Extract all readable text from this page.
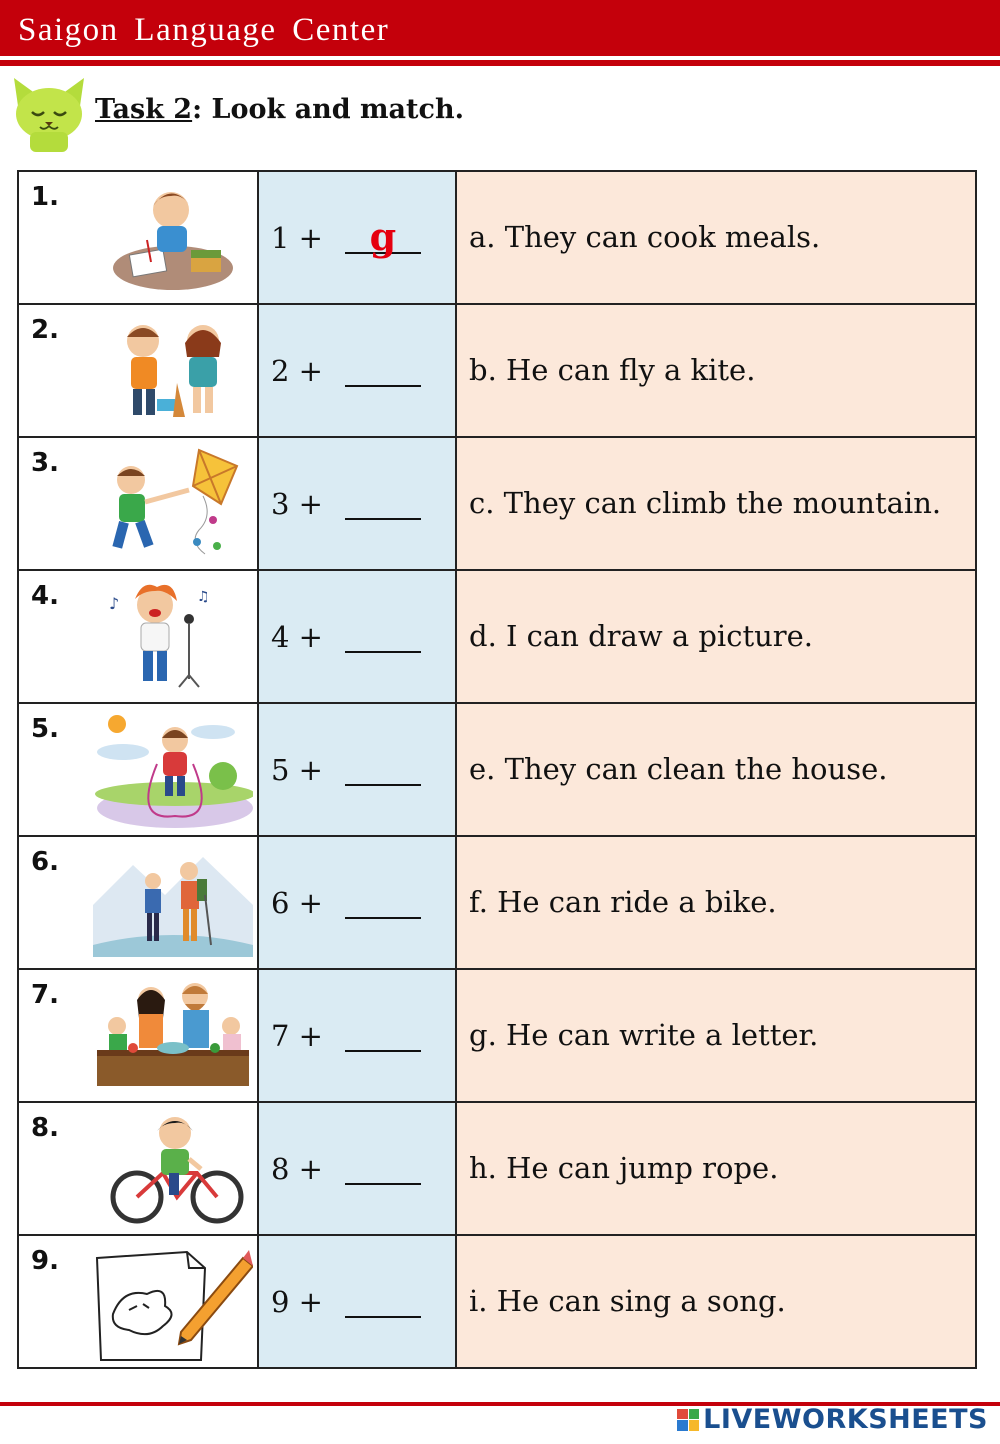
Saigon Language Center
Task 2: Look and match.
1.	1 + g	a. They can cook meals.

2.	2 +	b. He can fly a kite.

3.	3 +	c. They can climb the mountain.

4. ♪ ♫	4 +	d. I can draw a picture.

5.	5 +	e. They can clean the house.

6.	6 +	f. He can ride a bike.

7.	7 +	g. He can write a letter.

8.	8 +	h. He can jump rope.

9.	9 +	i. He can sing a song.
LIVEWORKSHEETS
